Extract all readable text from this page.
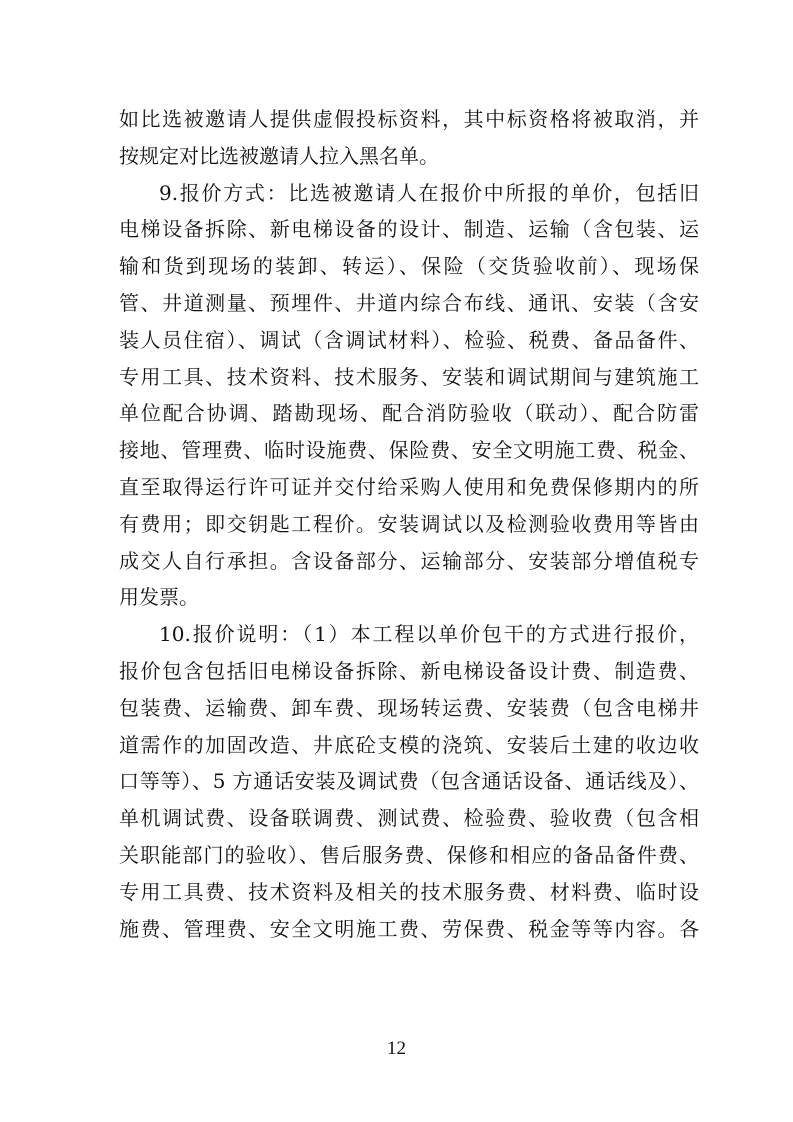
如比选被邀请人提供虚假投标资料，其中标资格将被取消，并
按规定对比选被邀请人拉入黑名单。
9.报价方式：比选被邀请人在报价中所报的单价，包括旧
电梯设备拆除、新电梯设备的设计、制造、运输（含包装、运
输和货到现场的装卸、转运）、保险（交货验收前）、现场保
管、井道测量、预埋件、井道内综合布线、通讯、安装（含安
装人员住宿）、调试（含调试材料）、检验、税费、备品备件、
专用工具、技术资料、技术服务、安装和调试期间与建筑施工
单位配合协调、踏勘现场、配合消防验收（联动）、配合防雷
接地、管理费、临时设施费、保险费、安全文明施工费、税金、
直至取得运行许可证并交付给采购人使用和免费保修期内的所
有费用；即交钥匙工程价。安装调试以及检测验收费用等皆由
成交人自行承担。含设备部分、运输部分、安装部分增值税专
用发票。
10.报价说明：（1）本工程以单价包干的方式进行报价，
报价包含包括旧电梯设备拆除、新电梯设备设计费、制造费、
包装费、运输费、卸车费、现场转运费、安装费（包含电梯井
道需作的加固改造、井底砼支模的浇筑、安装后土建的收边收
口等等）、5 方通话安装及调试费（包含通话设备、通话线及）、
单机调试费、设备联调费、测试费、检验费、验收费（包含相
关职能部门的验收）、售后服务费、保修和相应的备品备件费、
专用工具费、技术资料及相关的技术服务费、材料费、临时设
施费、管理费、安全文明施工费、劳保费、税金等等内容。各
12
